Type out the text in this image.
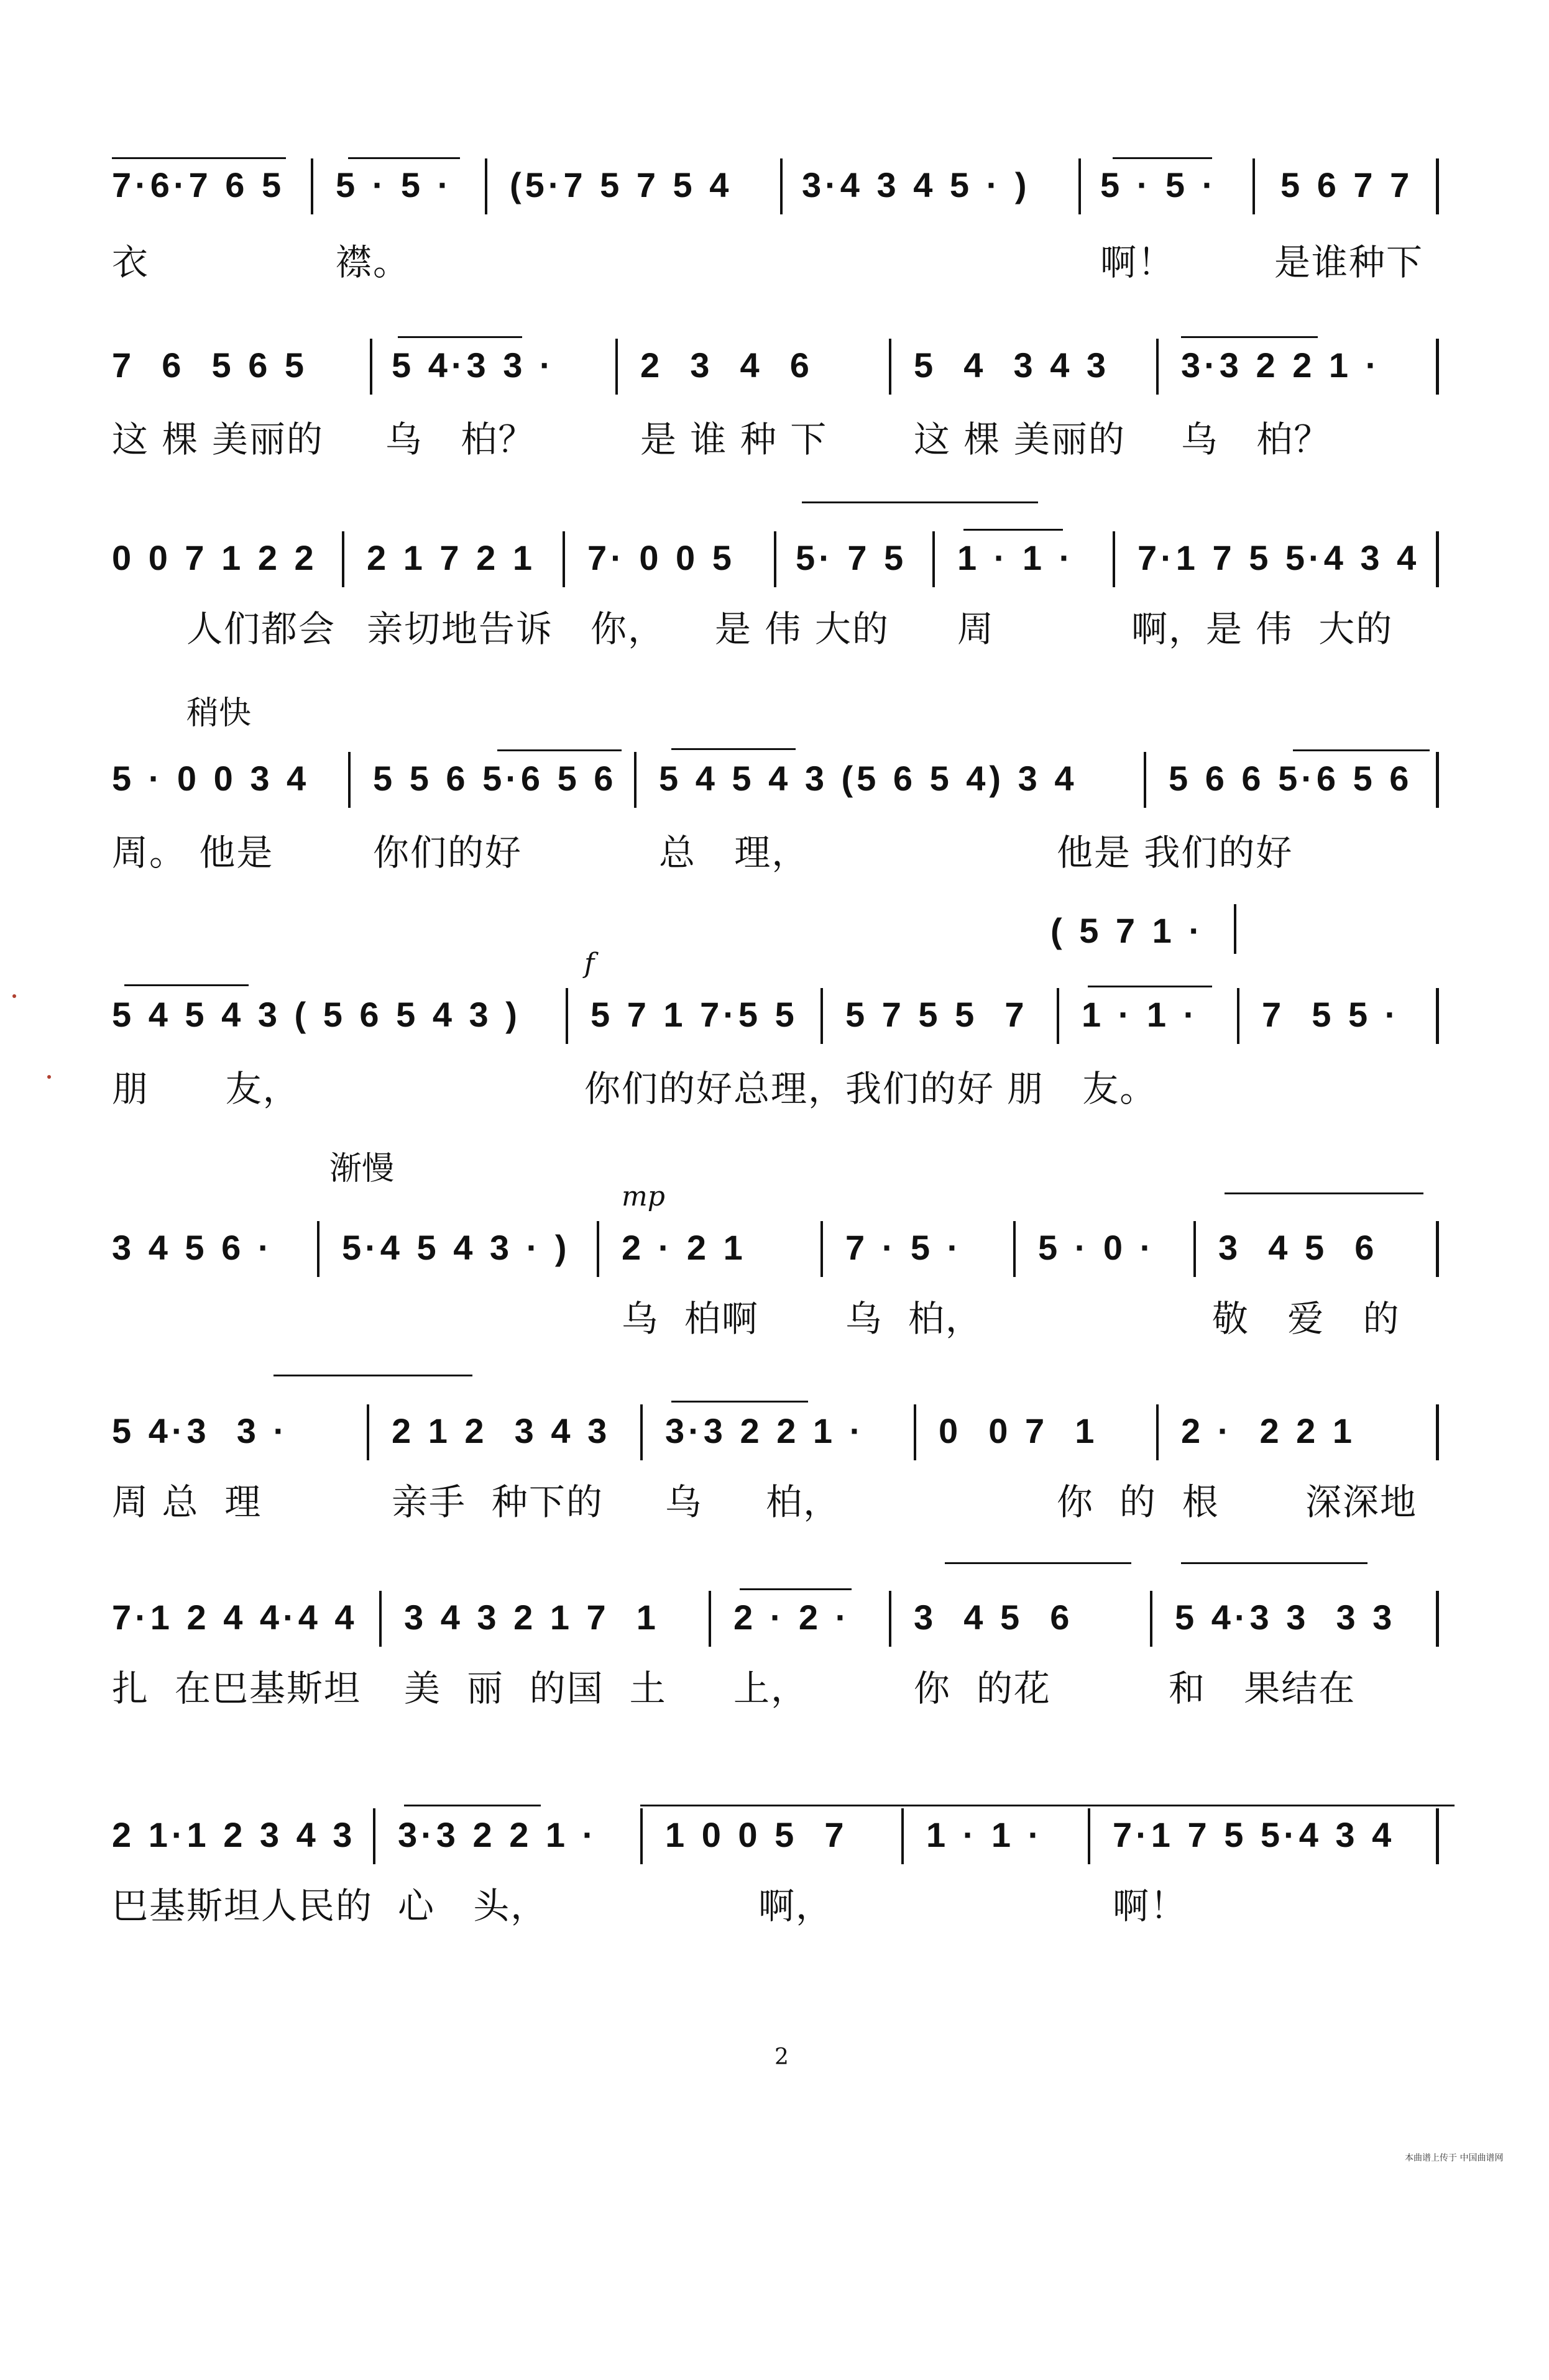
7·6·7 6 5

5 · 5 ·

(5·7 5 7 5 4

3·4 3 4 5 · )

5 · 5 ·

5 6 7 7

衣

	襟。

	啊！

	是谁种下

7  6  5 6 5

5 4·3 3 ·

2  3  4  6

	5  4  3 4 3

3·3 2 2 1 ·

这 棵 美丽的

乌   柏？

	是 谁 种 下

这 棵 美丽的

乌   柏？

0 0 7 1 2 2

2 1 7 2 1

7· 0 0 5

5· 7 5

1 · 1 ·

7·1 7 5 5·4 3 4

人们都会

亲切地告诉

你，

是 伟 大的

周

	啊，是 伟  大的

稍快

5 · 0 0 3 4

5 5 6 5·6 5 6

5 4 5 4 3 (5 6 5 4) 3 4

	5 6 6 5·6 5 6

周。 他是

	你们的好

	总   理，

	他是 我们的好

( 5 7 1 ·

f

5 4 5 4 3 ( 5 6 5 4 3 )

5 7 1 7·5 5

5 7 5 5  7

1 · 1 ·

7  5 5 ·

朋      友，

	你们的好总理，

我们的好

朋   友。

渐慢
mp

3 4 5 6 ·

5·4 5 4 3 · )

2 · 2 1

	7 · 5 ·

5 · 0 ·

3  4 5  6

乌  柏啊

乌  柏，

	敬   爱   的

5 4·3  3 ·

	2 1 2  3 4 3

3·3 2 2 1 ·

0  0 7  1

2 ·  2 2 1

周 总  理

	亲手  种下的

乌     柏，

	你  的  根

深深地

7·1 2 4 4·4 4

3 4 3 2 1 7  1

2 · 2 ·

3  4 5  6

	5 4·3 3  3 3

扎  在巴基斯坦

美  丽  的国  土

上，

	你  的花

	和   果结在

2 1·1 2 3 4 3

3·3 2 2 1 ·

1 0 0 5  7

1 · 1 ·

7·1 7 5 5·4 3 4

巴基斯坦人民的

心   头，

	啊，

	啊！

2
本曲谱上传于 中国曲谱网
